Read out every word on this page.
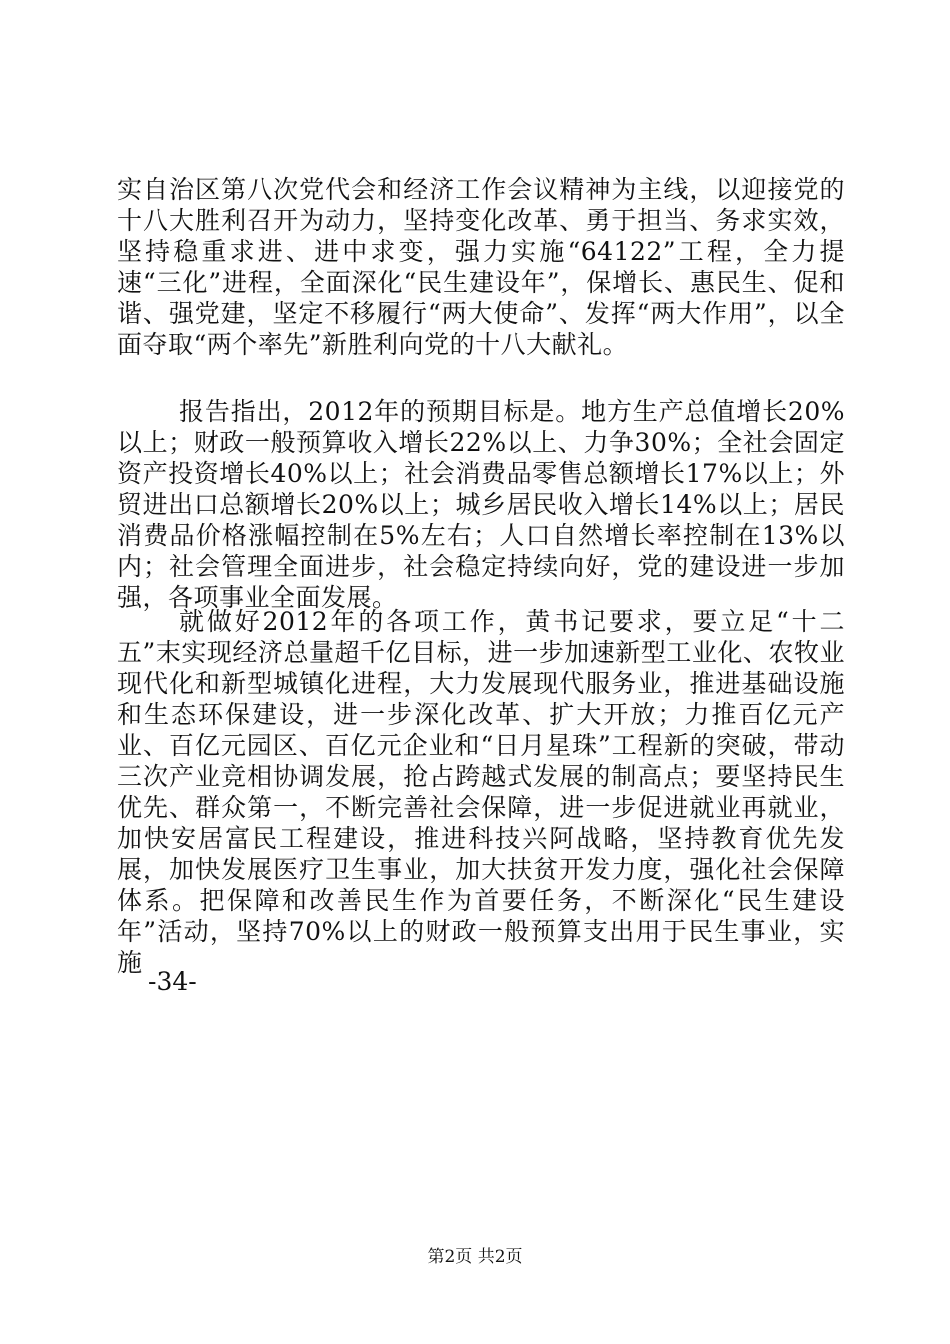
实自治区第八次党代会和经济工作会议精神为主线，以迎接党的十八大胜利召开为动力，坚持变化改革、勇于担当、务求实效，坚持稳重求进、进中求变，强力实施“64122”工程，全力提速“三化”进程，全面深化“民生建设年”，保增长、惠民生、促和谐、强党建，坚定不移履行“两大使命”、发挥“两大作用”，以全面夺取“两个率先”新胜利向党的十八大献礼。

报告指出，2012年的预期目标是。地方生产总值增长20%以上；财政一般预算收入增长22%以上、力争30%；全社会固定资产投资增长40%以上；社会消费品零售总额增长17%以上；外贸进出口总额增长20%以上；城乡居民收入增长14%以上；居民消费品价格涨幅控制在5%左右；人口自然增长率控制在13%以内；社会管理全面进步，社会稳定持续向好，党的建设进一步加强，各项事业全面发展。

就做好2012年的各项工作，黄书记要求，要立足“十二五”末实现经济总量超千亿目标，进一步加速新型工业化、农牧业现代化和新型城镇化进程，大力发展现代服务业，推进基础设施和生态环保建设，进一步深化改革、扩大开放；力推百亿元产业、百亿元园区、百亿元企业和“日月星珠”工程新的突破，带动三次产业竞相协调发展，抢占跨越式发展的制高点；要坚持民生优先、群众第一，不断完善社会保障，进一步促进就业再就业，加快安居富民工程建设，推进科技兴阿战略，坚持教育优先发展，加快发展医疗卫生事业，加大扶贫开发力度，强化社会保障体系。把保障和改善民生作为首要任务，不断深化“民生建设年”活动，坚持70%以上的财政一般预算支出用于民生事业，实施

-34-

第2页 共2页
